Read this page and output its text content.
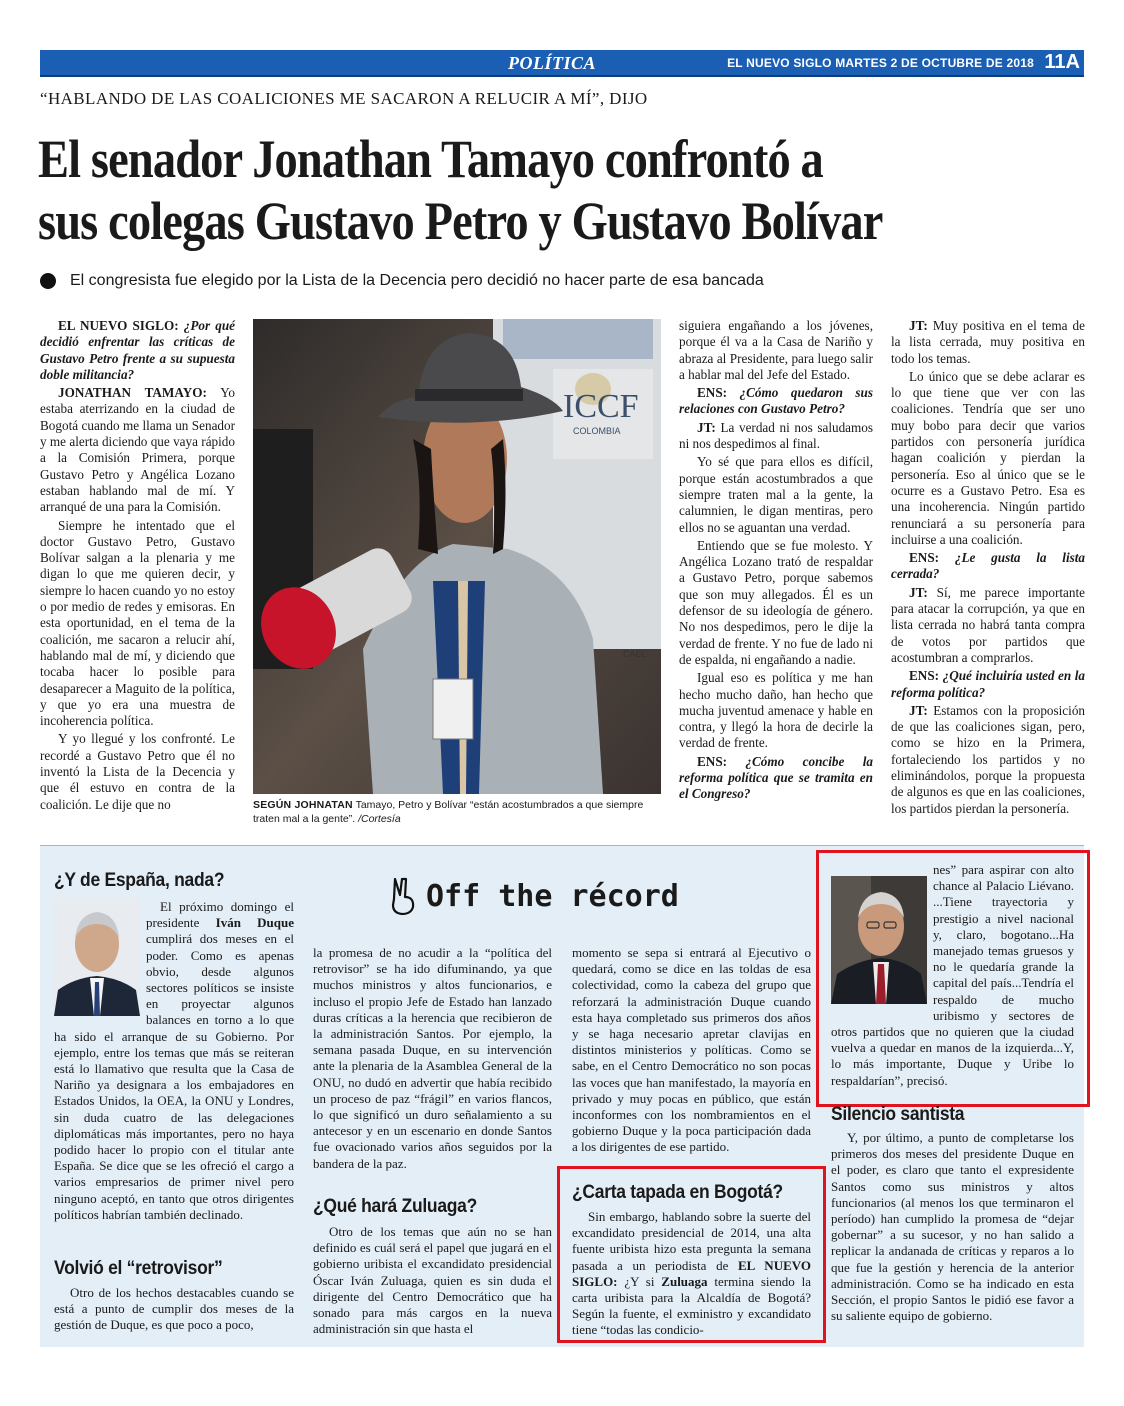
POLÍTICA	EL NUEVO SIGLO MARTES 2 DE OCTUBRE DE 2018 11A
“HABLANDO DE LAS COALICIONES ME SACARON A RELUCIR A MÍ”, DIJO
El senador Jonathan Tamayo confrontó a
sus colegas Gustavo Petro y Gustavo Bolívar
El congresista fue elegido por la Lista de la Decencia pero decidió no hacer parte de esa bancada

EL NUEVO SIGLO: ¿Por qué decidió enfrentar las críticas de Gustavo Petro frente a su supuesta doble militancia?

JONATHAN TAMAYO: Yo estaba aterrizando en la ciudad de Bogotá cuando me llama un Senador y me alerta diciendo que vaya rápido a la Comisión Primera, porque Gustavo Petro y Angélica Lozano estaban hablando mal de mí. Y arranqué de una para la Comisión.

Siempre he intentado que el doctor Gustavo Petro, Gustavo Bolívar salgan a la plenaria y me digan lo que me quieren decir, y siempre lo hacen cuando yo no estoy o por medio de redes y emisoras. En esta oportunidad, en el tema de la coalición, me sacaron a relucir ahí, hablando mal de mí, y diciendo que tocaba hacer lo posible para desaparecer a Maguito de la política, y que yo era una muestra de incoherencia política.

Y yo llegué y los confronté. Le recordé a Gustavo Petro que él no inventó la Lista de la Decencia y que él estuvo en contra de la coalición. Le dije que no

ICCF
COLOMBIA
CAEL
SEGÚN JOHNATAN Tamayo, Petro y Bolívar “están acostumbrados a que siempre traten mal a la gente”. /Cortesía

siguiera engañando a los jóvenes, porque él va a la Casa de Nariño y abraza al Presidente, para luego salir a hablar mal del Jefe del Estado.

ENS: ¿Cómo quedaron sus relaciones con Gustavo Petro?

JT: La verdad ni nos saludamos ni nos despedimos al final.

Yo sé que para ellos es difícil, porque están acostumbrados a que siempre traten mal a la gente, la calumnien, le digan mentiras, pero ellos no se aguantan una verdad.

Entiendo que se fue molesto. Y Angélica Lozano trató de respaldar a Gustavo Petro, porque sabemos que son muy allegados. Él es un defensor de su ideología de género. No nos despedimos, pero le dije la verdad de frente. Y no fue de lado ni de espalda, ni engañando a nadie.

Igual eso es política y me han hecho mucho daño, han hecho que mucha juventud amenace y hable en contra, y llegó la hora de decirle la verdad de frente.

ENS: ¿Cómo concibe la reforma política que se tramita en el Congreso?

JT: Muy positiva en el tema de la lista cerrada, muy positiva en todo los temas.

Lo único que se debe aclarar es lo que tiene que ver con las coaliciones. Tendría que ser uno muy bobo para decir que varios partidos con personería jurídica hagan coalición y pierdan la personería. Eso al único que se le ocurre es a Gustavo Petro. Esa es una incoherencia. Ningún partido renunciará a su personería para incluirse a una coalición.

ENS: ¿Le gusta la lista cerrada?

JT: Sí, me parece importante para atacar la corrupción, ya que en lista cerrada no habrá tanta compra de votos por partidos que acostumbran a comprarlos.

ENS: ¿Qué incluiría usted en la reforma política?

JT: Estamos con la proposición de que las coaliciones sigan, pero, como se hizo en la Primera, fortaleciendo los partidos y no eliminándolos, porque la propuesta de algunos es que en las coaliciones, los partidos pierdan la personería.

Off the récord
¿Y de España, nada?

El próximo domingo el presidente Iván Duque cumplirá dos meses en el poder. Como es apenas obvio, desde algunos sectores políticos se insiste en proyectar algunos balances en torno a lo que ha sido el arranque de su Gobierno. Por ejemplo, entre los temas que más se reiteran está lo llamativo que resulta que la Casa de Nariño ya designara a los embajadores en Estados Unidos, la OEA, la ONU y Londres, sin duda cuatro de las delegaciones diplomáticas más importantes, pero no haya podido hacer lo propio con el titular ante España. Se dice que se les ofreció el cargo a varios empresarios de primer nivel pero ninguno aceptó, en tanto que otros dirigentes políticos habrían también declinado.

Volvió el “retrovisor”

Otro de los hechos destacables cuando se está a punto de cumplir dos meses de la gestión de Duque, es que poco a poco,

la promesa de no acudir a la “política del retrovisor” se ha ido difuminando, ya que muchos ministros y altos funcionarios, e incluso el propio Jefe de Estado han lanzado duras críticas a la herencia que recibieron de la administración Santos. Por ejemplo, la semana pasada Duque, en su intervención ante la plenaria de la Asamblea General de la ONU, no dudó en advertir que había recibido un proceso de paz “frágil” en varios flancos, lo que significó un duro señalamiento a su antecesor y en un escenario en donde Santos fue ovacionado varios años seguidos por la bandera de la paz.

¿Qué hará Zuluaga?

Otro de los temas que aún no se han definido es cuál será el papel que jugará en el gobierno uribista el excandidato presidencial Óscar Iván Zuluaga, quien es sin duda el dirigente del Centro Democrático que ha sonado para más cargos en la nueva administración sin que hasta el

momento se sepa si entrará al Ejecutivo o quedará, como se dice en las toldas de esa colectividad, como la cabeza del grupo que reforzará la administración Duque cuando esta haya completado sus primeros dos años y se haga necesario apretar clavijas en distintos ministerios y políticas. Como se sabe, en el Centro Democrático no son pocas las voces que han manifestado, la mayoría en privado y muy pocas en público, que están inconformes con los nombramientos en el gobierno Duque y la poca participación dada a los dirigentes de ese partido.

¿Carta tapada en Bogotá?

Sin embargo, hablando sobre la suerte del excandidato presidencial de 2014, una alta fuente uribista hizo esta pregunta la semana pasada a un periodista de EL NUEVO SIGLO: ¿Y si Zuluaga termina siendo la carta uribista para la Alcaldía de Bogotá? Según la fuente, el exministro y excandidato tiene “todas las condicio-

nes” para aspirar con alto chance al Palacio Liévano. ...Tiene trayectoria y prestigio a nivel nacional y, claro, bogotano...Ha manejado temas gruesos y no le quedaría grande la capital del país...Tendría el respaldo de mucho uribismo y sectores de otros partidos que no quieren que la ciudad vuelva a quedar en manos de la izquierda...Y, lo más importante, Duque y Uribe lo respaldarían”, precisó.

Silencio santista

Y, por último, a punto de completarse los primeros dos meses del presidente Duque en el poder, es claro que tanto el expresidente Santos como sus ministros y altos funcionarios (al menos los que terminaron el período) han cumplido la promesa de “dejar gobernar” a su sucesor, y no han salido a replicar la andanada de críticas y reparos a lo que fue la gestión y herencia de la anterior administración. Como se ha indicado en esta Sección, el propio Santos le pidió ese favor a su saliente equipo de gobierno.
